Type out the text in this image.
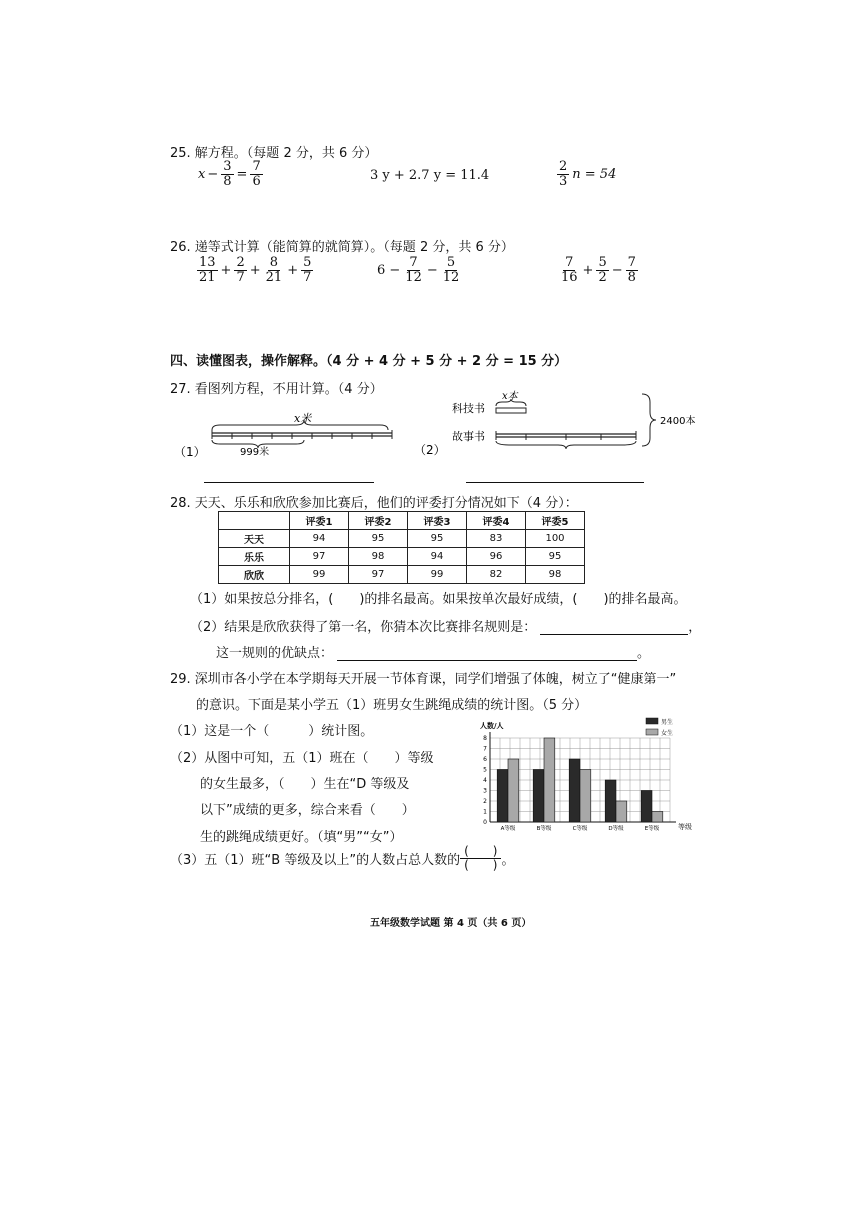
25. 解方程。（每题 2 分，共 6 分）
$x - \frac{3}{8} = \frac{7}{6}$	3 y + 2.7 y = 11.4	$\frac{2}{3}$ n = 54
26. 递等式计算（能简算的就简算）。（每题 2 分，共 6 分）
$\frac{13}{21} + \frac{2}{7} + \frac{8}{21} + \frac{5}{7}$	$6 - \frac{7}{12} - \frac{5}{12}$	$\frac{7}{16} + \frac{5}{2} - \frac{7}{8}$
四、读懂图表，操作解释。（4 分 + 4 分 + 5 分 + 2 分 = 15 分）
27. 看图列方程，不用计算。（4 分）
（1）
x米
999米	（2）
科技书
故事书
x本
2400本
28. 天天、乐乐和欣欣参加比赛后，他们的评委打分情况如下（4 分）：
	评委1	评委2	评委3	评委4	评委5
天天	94	95	95	83	100
乐乐	97	98	94	96	95
欣欣	99	97	99	82	98
（1）如果按总分排名，(　　)的排名最高。如果按单次最好成绩，(　　)的排名最高。
（2）结果是欣欣获得了第一名，你猜本次比赛排名规则是：	，
这一规则的优缺点：	。
29. 深圳市各小学在本学期每天开展一节体育课，同学们增强了体魄，树立了“健康第一”
的意识。下面是某小学五（1）班男女生跳绳成绩的统计图。（5 分）
（1）这是一个（　　　）统计图。
（2）从图中可知，五（1）班在（　　）等级
的女生最多，（　　）生在“D 等级及
以下”成绩的更多，综合来看（　　）
生的跳绳成绩更好。（填“男”“女”）
（3）五（1）班“B 等级及以上”的人数占总人数的 $\frac{( )}{( )}$ 。
0
1
2
3
4
5
6
7
8
人数/人
等级
A等级	B等级	C等级	D等级	E等级
男生
女生
五年级数学试题 第 4 页（共 6 页）
